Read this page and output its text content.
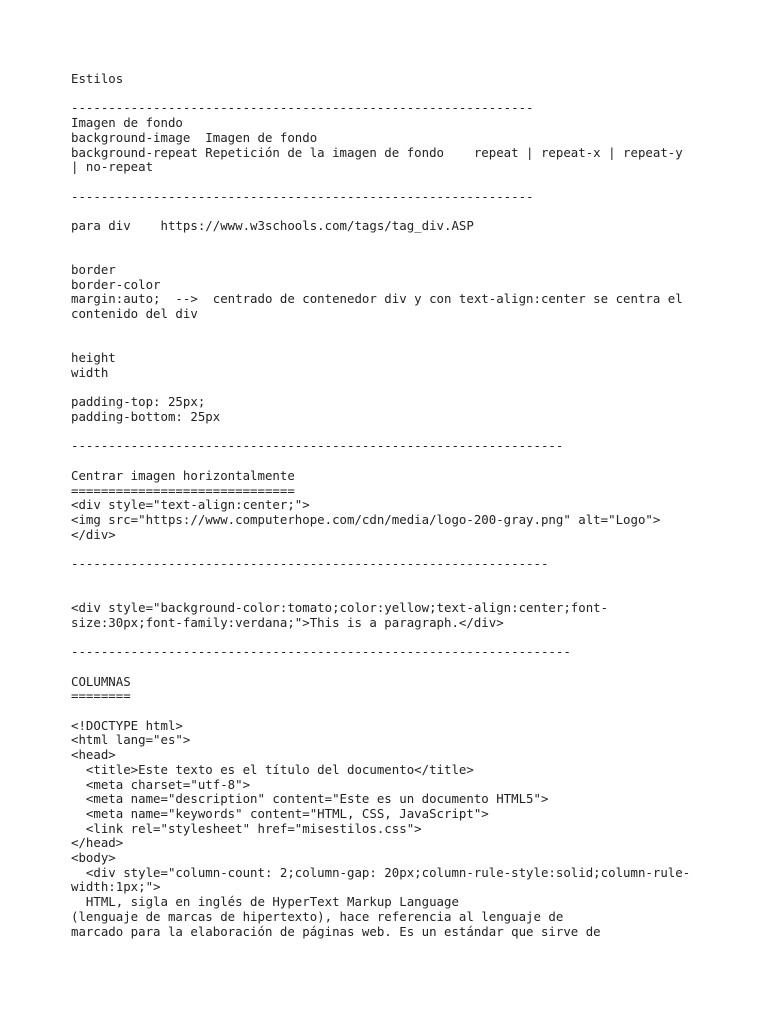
Estilos
--------------------------------------------------------------
Imagen de fondo
background-image  Imagen de fondo
background-repeat Repetición de la imagen de fondo    repeat | repeat-x | repeat-y
| no-repeat
--------------------------------------------------------------
para div    https://www.w3schools.com/tags/tag_div.ASP
border
border-color
margin:auto;  -->  centrado de contenedor div y con text-align:center se centra el
contenido del div
height
width
padding-top: 25px;
padding-bottom: 25px
------------------------------------------------------------------
Centrar imagen horizontalmente
==============================
<div style="text-align:center;">
<img src="https://www.computerhope.com/cdn/media/logo-200-gray.png" alt="Logo">
</div>
----------------------------------------------------------------
<div style="background-color:tomato;color:yellow;text-align:center;font-
size:30px;font-family:verdana;">This is a paragraph.</div>
-------------------------------------------------------------------
COLUMNAS
========
<!DOCTYPE html>
<html lang="es">
<head>
<title>Este texto es el título del documento</title>
<meta charset="utf-8">
<meta name="description" content="Este es un documento HTML5">
<meta name="keywords" content="HTML, CSS, JavaScript">
<link rel="stylesheet" href="misestilos.css">
</head>
<body>
<div style="column-count: 2;column-gap: 20px;column-rule-style:solid;column-rule-
width:1px;">
HTML, sigla en inglés de HyperText Markup Language
(lenguaje de marcas de hipertexto), hace referencia al lenguaje de
marcado para la elaboración de páginas web. Es un estándar que sirve de
